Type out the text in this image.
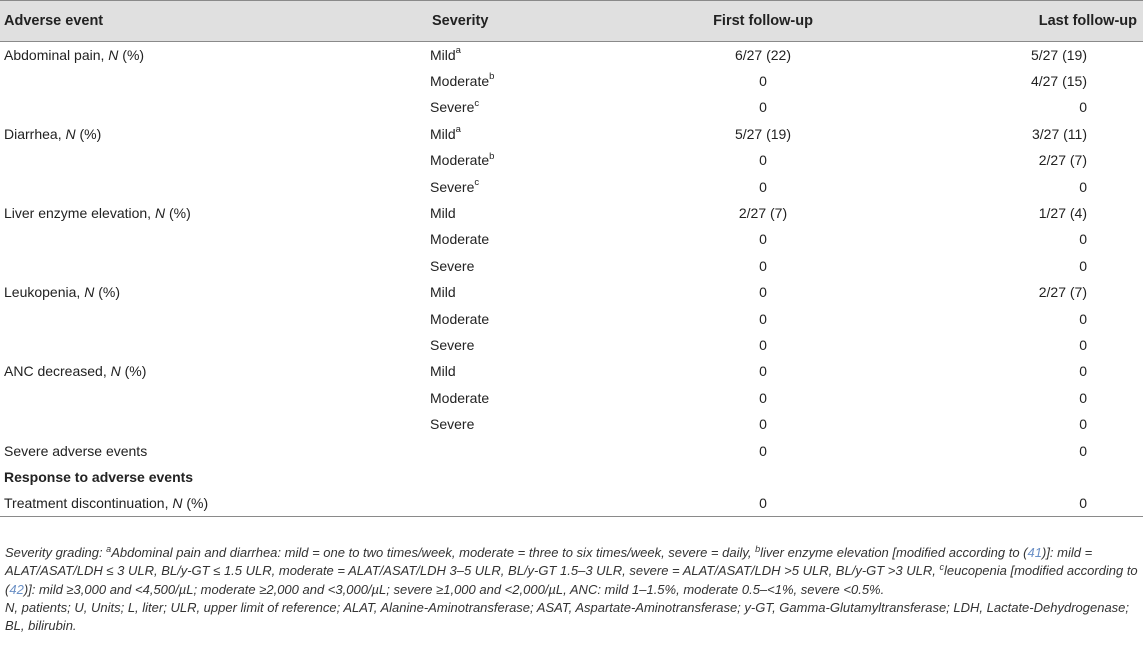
Adverse event	Severity	First follow-up	Last follow-up
Abdominal pain, N (%)	Mild$^a$	6/27 (22)	5/27 (19)
	Moderate$^b$	0	4/27 (15)
	Severe$^c$	0	0
Diarrhea, N (%)	Mild$^a$	5/27 (19)	3/27 (11)
	Moderate$^b$	0	2/27 (7)
	Severe$^c$	0	0
Liver enzyme elevation, N (%)	Mild	2/27 (7)	1/27 (4)
	Moderate	0	0
	Severe	0	0
Leukopenia, N (%)	Mild	0	2/27 (7)
	Moderate	0	0
	Severe	0	0
ANC decreased, N (%)	Mild	0	0
	Moderate	0	0
	Severe	0	0
Severe adverse events		0	0
Response to adverse events			
Treatment discontinuation, N (%)		0	0

Severity grading: $^a$Abdominal pain and diarrhea: mild = one to two times/week, moderate = three to six times/week, severe = daily, $^b$liver enzyme elevation [modified according to (41)]: mild = ALAT/ASAT/LDH ≤ 3 ULR, BL/y-GT ≤ 1.5 ULR, moderate = ALAT/ASAT/LDH 3–5 ULR, BL/y-GT 1.5–3 ULR, severe = ALAT/ASAT/LDH >5 ULR, BL/y-GT >3 ULR, $^c$leucopenia [modified according to (42)]: mild ≥3,000 and <4,500/µL; moderate ≥2,000 and <3,000/µL; severe ≥1,000 and <2,000/µL, ANC: mild 1–1.5%, moderate 0.5–<1%, severe <0.5%.

N, patients; U, Units; L, liter; ULR, upper limit of reference; ALAT, Alanine-Aminotransferase; ASAT, Aspartate-Aminotransferase; y-GT, Gamma-Glutamyltransferase; LDH, Lactate-Dehydrogenase; BL, bilirubin.
